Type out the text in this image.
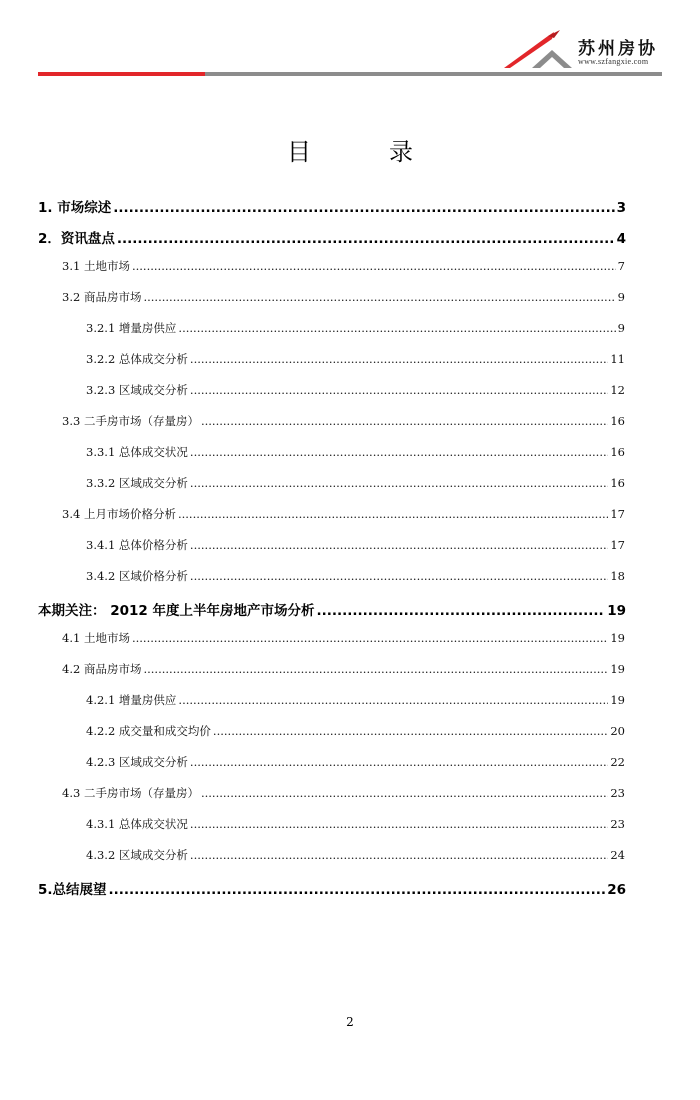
苏州房协
www.szfangxie.com
目	录
1. 市场综述 .....	3
2．资讯盘点 .....	4
3.1 土地市场 .....	7
3.2 商品房市场 .....	9
3.2.1 增量房供应 .....	9
3.2.2 总体成交分析 .....	11
3.2.3 区域成交分析 .....	12
3.3 二手房市场（存量房） .....	16
3.3.1 总体成交状况 .....	16
3.3.2 区域成交分析 .....	16
3.4 上月市场价格分析 .....	17
3.4.1 总体价格分析 .....	17
3.4.2 区域价格分析 .....	18
本期关注： 2012 年度上半年房地产市场分析 .....	19
4.1 土地市场 .....	19
4.2 商品房市场 .....	19
4.2.1 增量房供应 .....	19
4.2.2 成交量和成交均价 .....	20
4.2.3 区域成交分析 .....	22
4.3 二手房市场（存量房） .....	23
4.3.1 总体成交状况 .....	23
4.3.2 区域成交分析 .....	24
5.总结展望 .....	26
2
